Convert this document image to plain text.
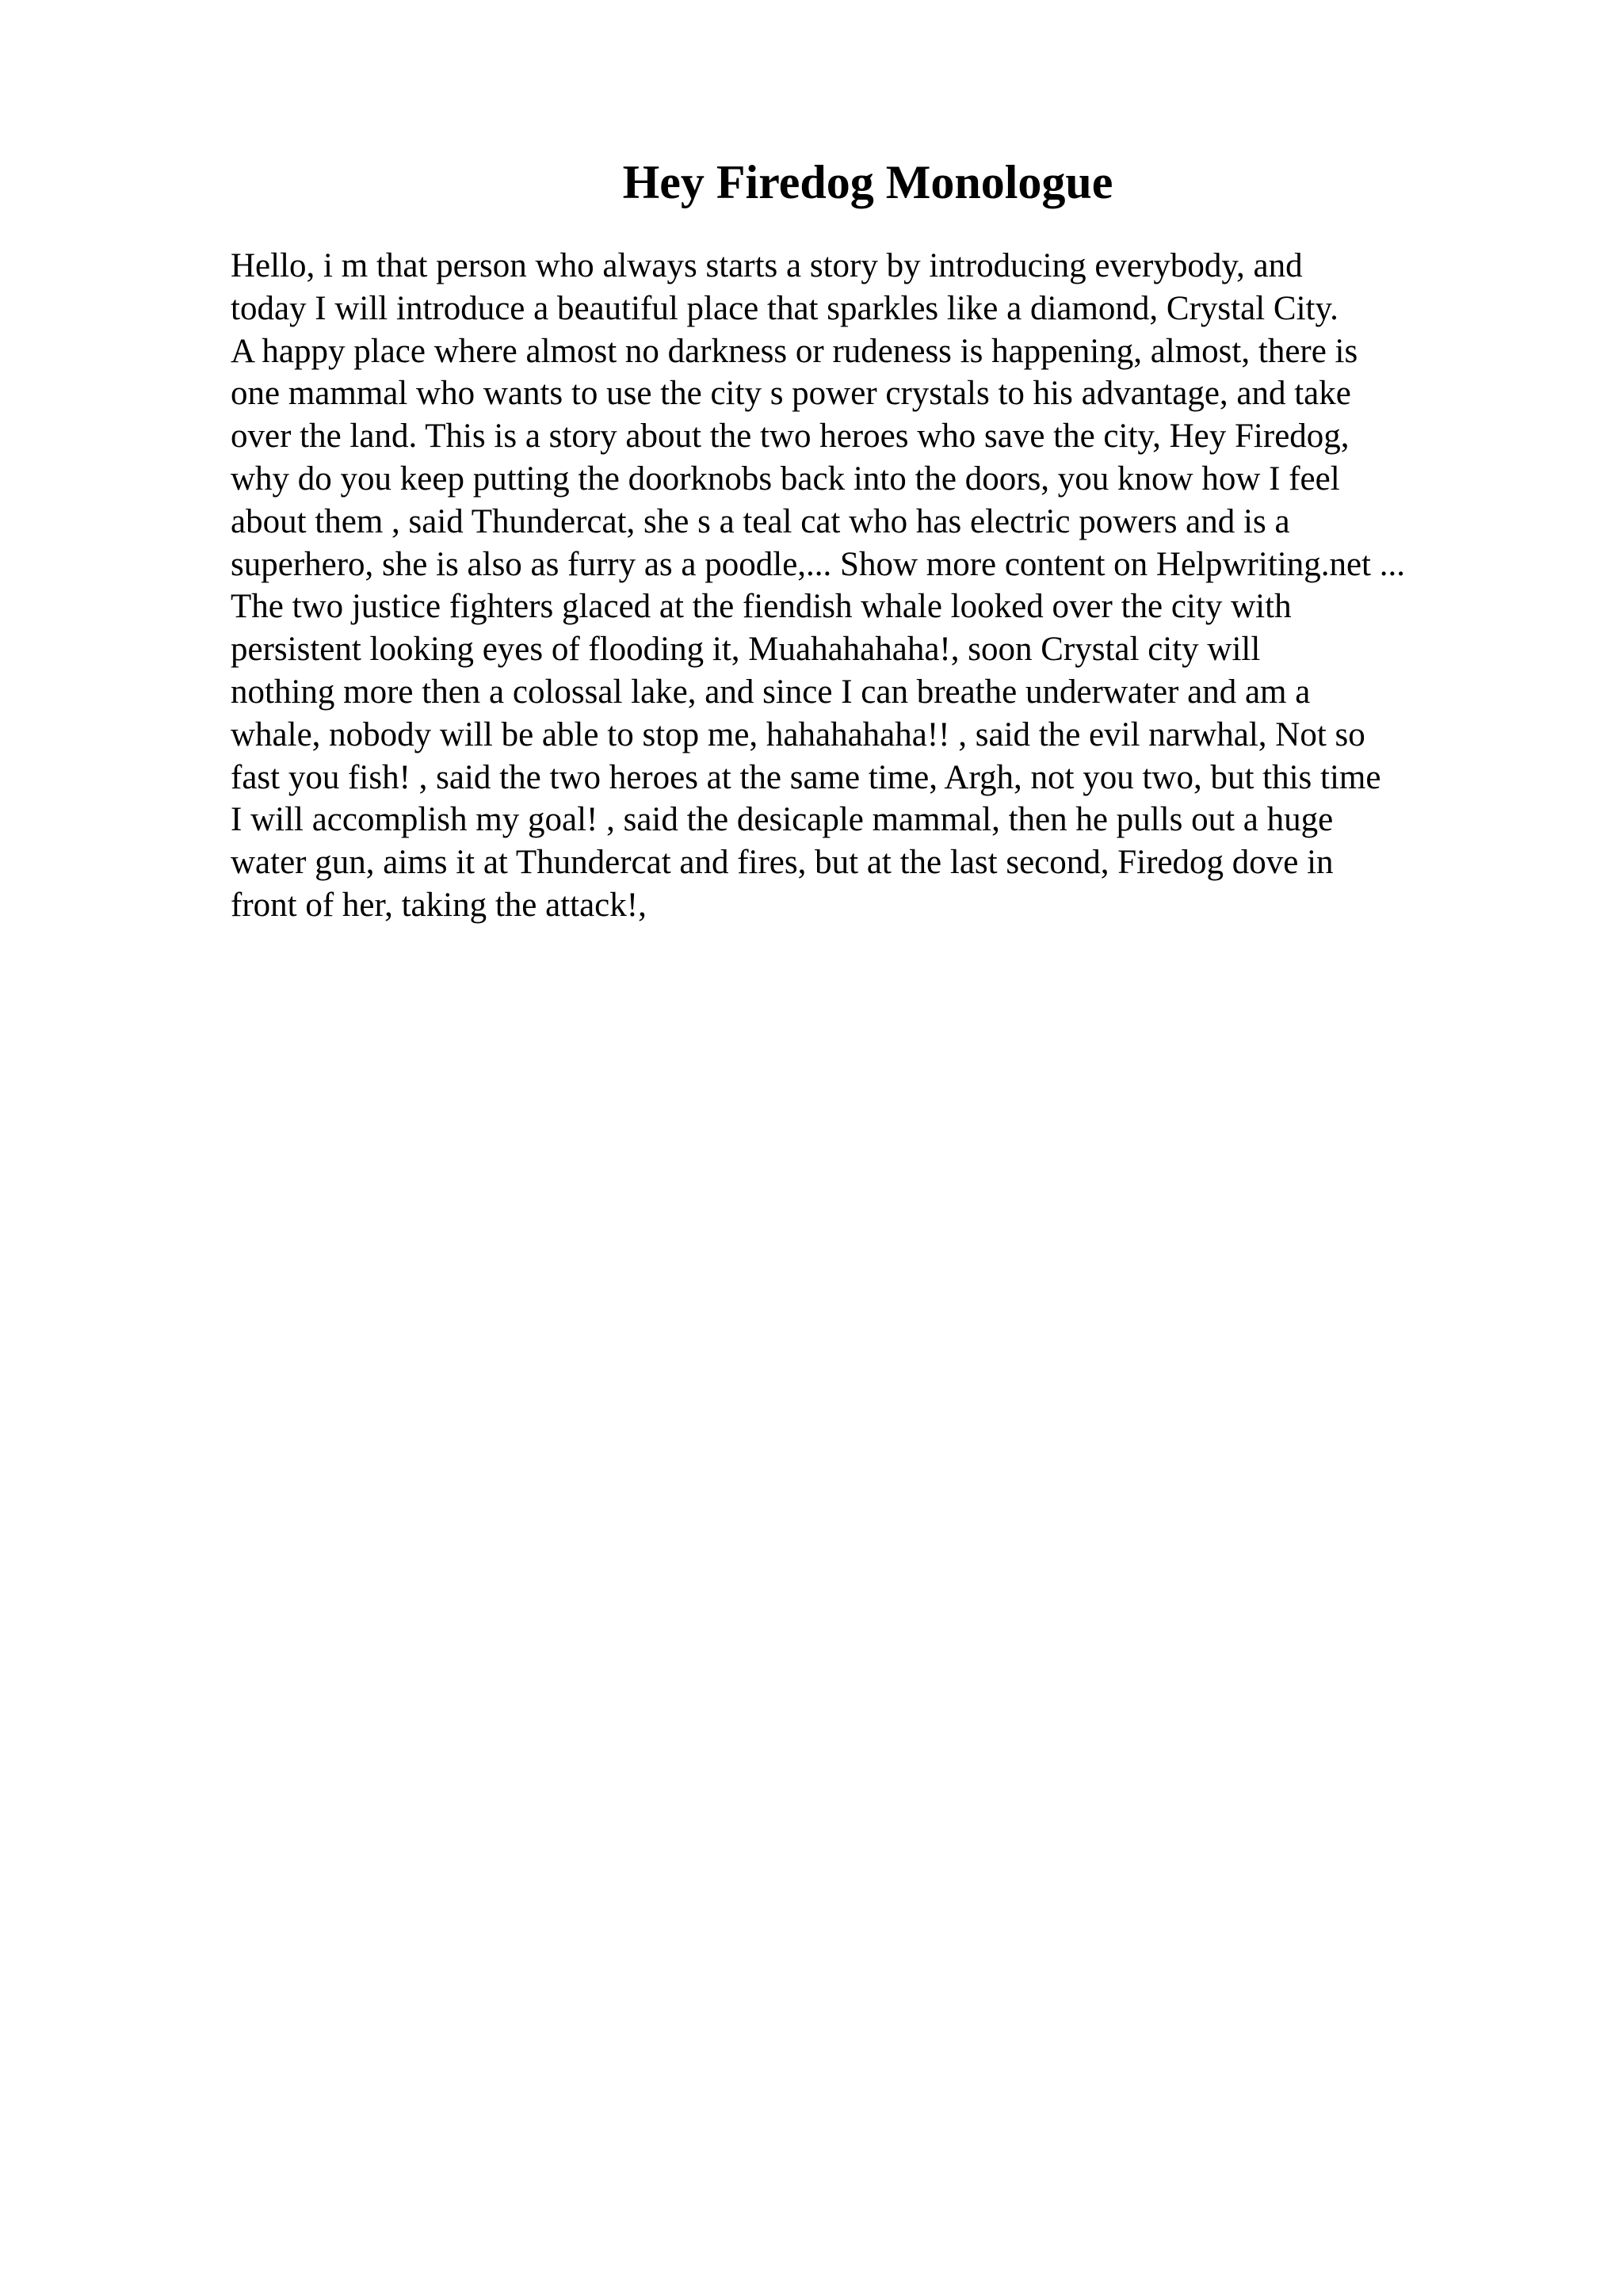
Hey Firedog Monologue
Hello, i m that person who always starts a story by introducing everybody, and
today I will introduce a beautiful place that sparkles like a diamond, Crystal City.
A happy place where almost no darkness or rudeness is happening, almost, there is
one mammal who wants to use the city s power crystals to his advantage, and take
over the land. This is a story about the two heroes who save the city, Hey Firedog,
why do you keep putting the doorknobs back into the doors, you know how I feel
about them , said Thundercat, she s a teal cat who has electric powers and is a
superhero, she is also as furry as a poodle,... Show more content on Helpwriting.net ...
The two justice fighters glaced at the fiendish whale looked over the city with
persistent looking eyes of flooding it, Muahahahaha!, soon Crystal city will
nothing more then a colossal lake, and since I can breathe underwater and am a
whale, nobody will be able to stop me, hahahahaha!! , said the evil narwhal, Not so
fast you fish! , said the two heroes at the same time, Argh, not you two, but this time
I will accomplish my goal! , said the desicaple mammal, then he pulls out a huge
water gun, aims it at Thundercat and fires, but at the last second, Firedog dove in
front of her, taking the attack!,
